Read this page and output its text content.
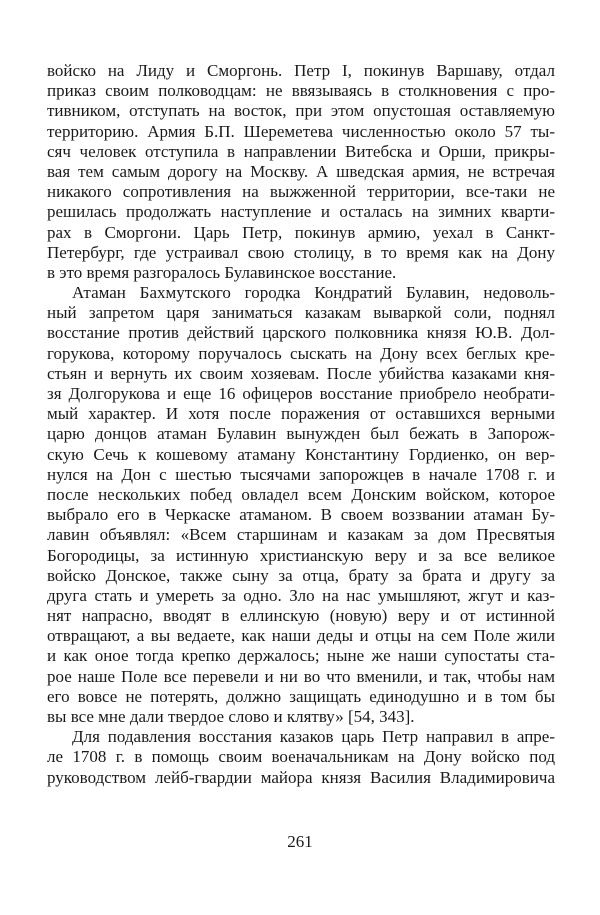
войско на Лиду и Сморгонь. Петр I, покинув Варшаву, отдал
приказ своим полководцам: не ввязываясь в столкновения с про-
тивником, отступать на восток, при этом опустошая оставляемую
территорию. Армия Б.П. Шереметева численностью около 57 ты-
сяч человек отступила в направлении Витебска и Орши, прикры-
вая тем самым дорогу на Москву. А шведская армия, не встречая
никакого сопротивления на выжженной территории, все-таки не
решилась продолжать наступление и осталась на зимних кварти-
рах в Сморгони. Царь Петр, покинув армию, уехал в Санкт-
Петербург, где устраивал свою столицу, в то время как на Дону
в это время разгоралось Булавинское восстание.
Атаман Бахмутского городка Кондратий Булавин, недоволь-
ный запретом царя заниматься казакам вываркой соли, поднял
восстание против действий царского полковника князя Ю.В. Дол-
горукова, которому поручалось сыскать на Дону всех беглых кре-
стьян и вернуть их своим хозяевам. После убийства казаками кня-
зя Долгорукова и еще 16 офицеров восстание приобрело необрати-
мый характер. И хотя после поражения от оставшихся верными
царю донцов атаман Булавин вынужден был бежать в Запорож-
скую Сечь к кошевому атаману Константину Гордиенко, он вер-
нулся на Дон с шестью тысячами запорожцев в начале 1708 г. и
после нескольких побед овладел всем Донским войском, которое
выбрало его в Черкаске атаманом. В своем воззвании атаман Бу-
лавин объявлял: «Всем старшинам и казакам за дом Пресвятыя
Богородицы, за истинную христианскую веру и за все великое
войско Донское, также сыну за отца, брату за брата и другу за
друга стать и умереть за одно. Зло на нас умышляют, жгут и каз-
нят напрасно, вводят в еллинскую (новую) веру и от истинной
отвращают, а вы ведаете, как наши деды и отцы на сем Поле жили
и как оное тогда крепко держалось; ныне же наши супостаты ста-
рое наше Поле все перевели и ни во что вменили, и так, чтобы нам
его вовсе не потерять, должно защищать единодушно и в том бы
вы все мне дали твердое слово и клятву» [54, 343].
Для подавления восстания казаков царь Петр направил в апре-
ле 1708 г. в помощь своим военачальникам на Дону войско под
руководством лейб-гвардии майора князя Василия Владимировича
261
